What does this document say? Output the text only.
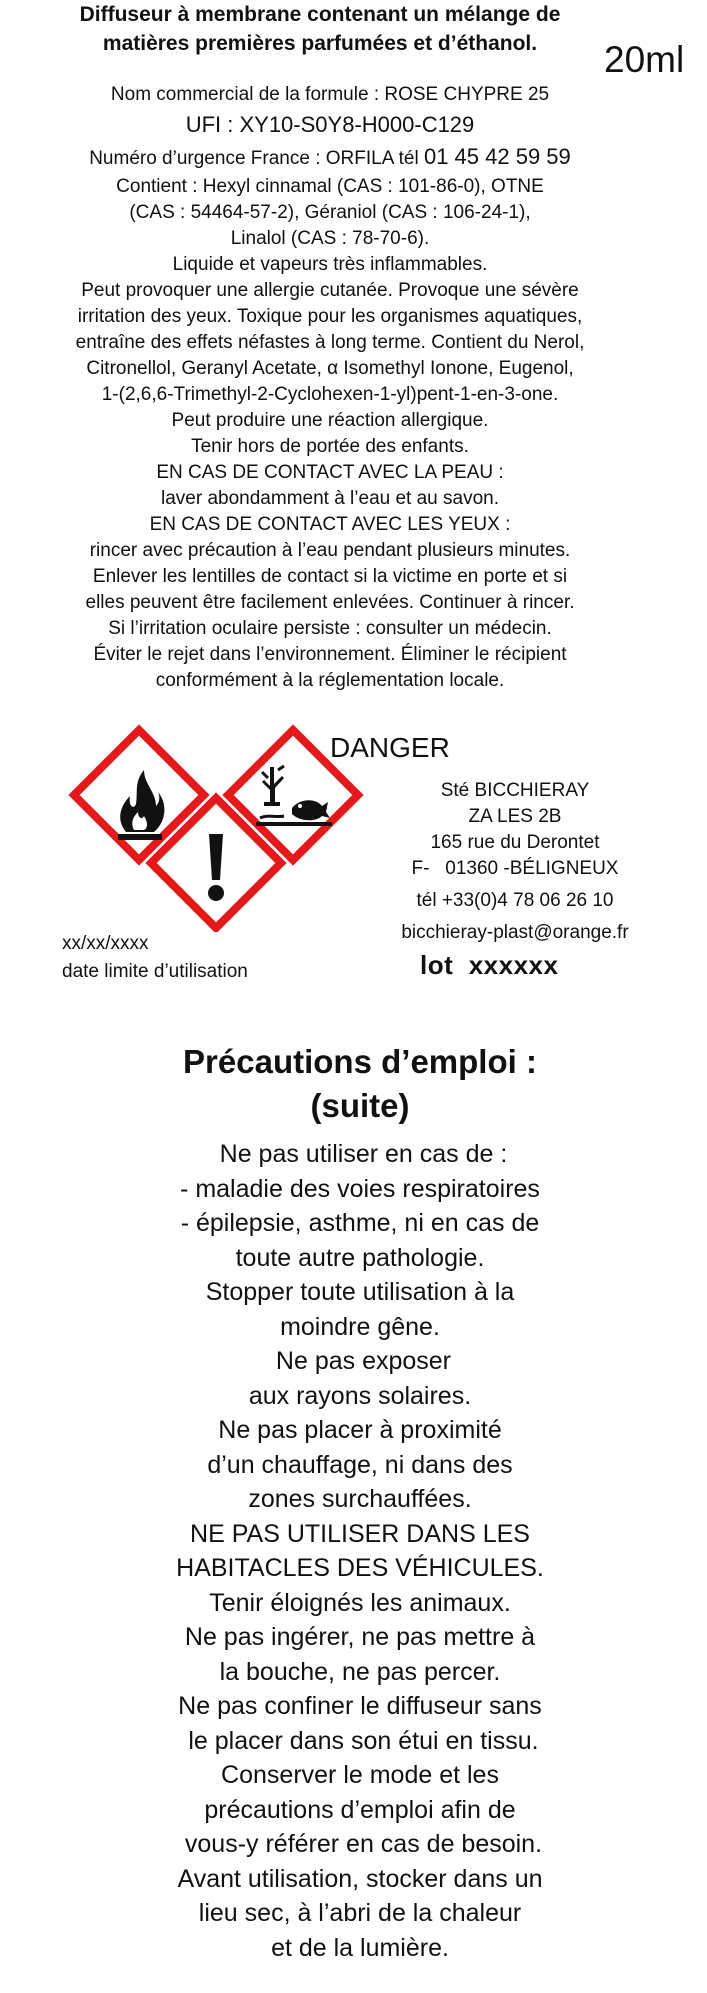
Diffuseur à membrane contenant un mélange de
matières premières parfumées et d’éthanol.	20ml
Nom commercial de la formule : ROSE CHYPRE 25
UFI : XY10-S0Y8-H000-C129
Numéro d’urgence France : ORFILA tél 01 45 42 59 59
Contient : Hexyl cinnamal (CAS : 101-86-0), OTNE
(CAS : 54464-57-2), Géraniol (CAS : 106-24-1),
Linalol (CAS : 78-70-6).
Liquide et vapeurs très inflammables.
Peut provoquer une allergie cutanée. Provoque une sévère
irritation des yeux. Toxique pour les organismes aquatiques,
entraîne des effets néfastes à long terme. Contient du Nerol,
Citronellol, Geranyl Acetate, α Isomethyl Ionone, Eugenol,
1-(2,6,6-Trimethyl-2-Cyclohexen-1-yl)pent-1-en-3-one.
Peut produire une réaction allergique.
Tenir hors de portée des enfants.
EN CAS DE CONTACT AVEC LA PEAU :
laver abondamment à l’eau et au savon.
EN CAS DE CONTACT AVEC LES YEUX :
rincer avec précaution à l’eau pendant plusieurs minutes.
Enlever les lentilles de contact si la victime en porte et si
elles peuvent être facilement enlevées. Continuer à rincer.
Si l’irritation oculaire persiste : consulter un médecin.
Éviter le rejet dans l’environnement. Éliminer le récipient
conformément à la réglementation locale.
DANGER
Sté BICCHIERAY
ZA LES 2B
165 rue du Derontet
F-   01360 -BÉLIGNEUX
tél +33(0)4 78 06 26 10
bicchieray-plast@orange.fr
lot  xxxxxx
xx/xx/xxxx
date limite d’utilisation
Précautions d’emploi :
(suite)
Ne pas utiliser en cas de :
- maladie des voies respiratoires
- épilepsie, asthme, ni en cas de
toute autre pathologie.
Stopper toute utilisation à la
moindre gêne.
Ne pas exposer
aux rayons solaires.
Ne pas placer à proximité
d’un chauffage, ni dans des
zones surchauffées.
NE PAS UTILISER DANS LES
HABITACLES DES VÉHICULES.
Tenir éloignés les animaux.
Ne pas ingérer, ne pas mettre à
la bouche, ne pas percer.
Ne pas confiner le diffuseur sans
le placer dans son étui en tissu.
Conserver le mode et les
précautions d’emploi afin de
vous-y référer en cas de besoin.
Avant utilisation, stocker dans un
lieu sec, à l’abri de la chaleur
et de la lumière.
